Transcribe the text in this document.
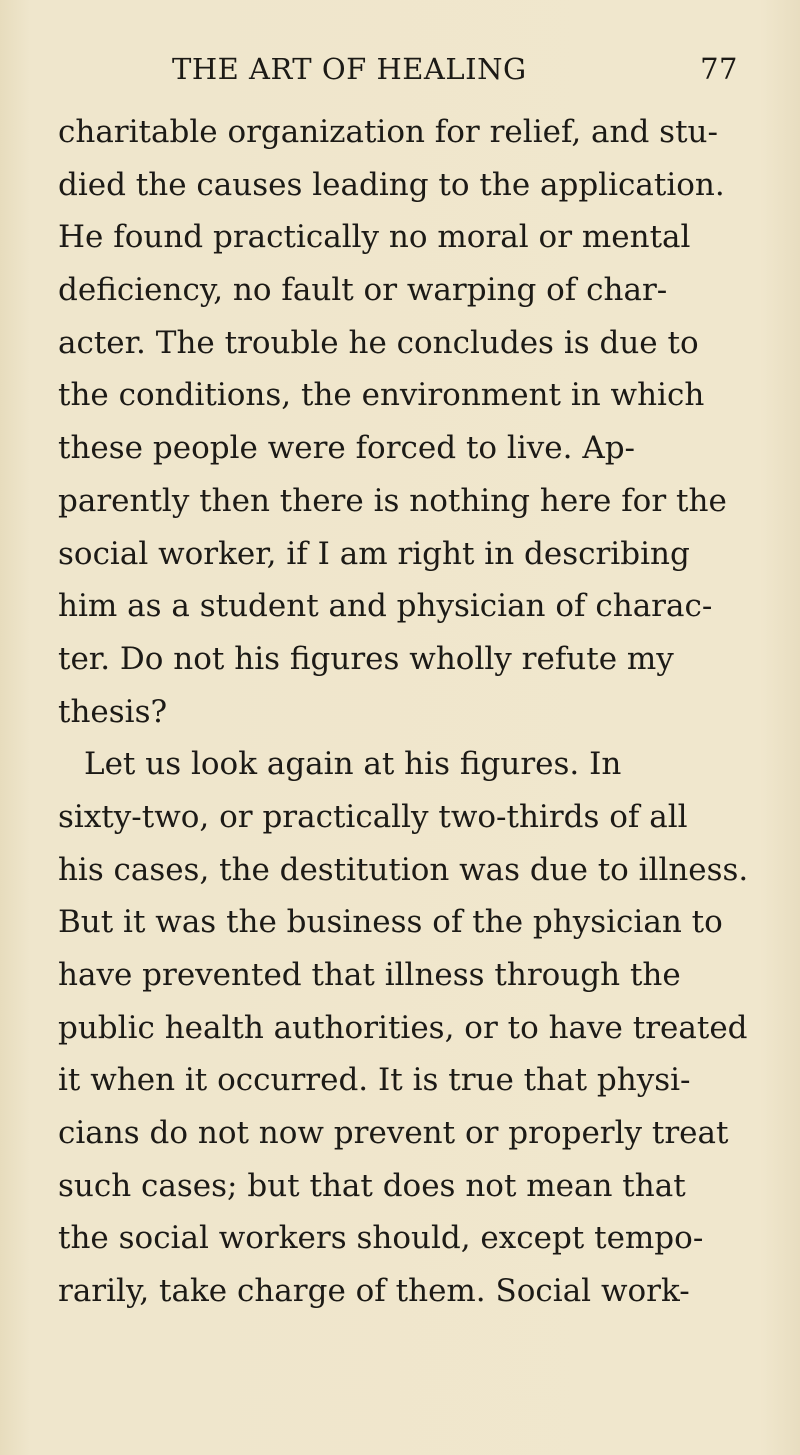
THE ART OF HEALING	77
charitable organization for relief, and stu-
died the causes leading to the application.
He found practically no moral or mental
deficiency, no fault or warping of char-
acter. The trouble he concludes is due to
the conditions, the environment in which
these people were forced to live. Ap-
parently then there is nothing here for the
social worker, if I am right in describing
him as a student and physician of charac-
ter. Do not his figures wholly refute my
thesis?
Let us look again at his figures. In
sixty-two, or practically two-thirds of all
his cases, the destitution was due to illness.
But it was the business of the physician to
have prevented that illness through the
public health authorities, or to have treated
it when it occurred. It is true that physi-
cians do not now prevent or properly treat
such cases; but that does not mean that
the social workers should, except tempo-
rarily, take charge of them. Social work-
